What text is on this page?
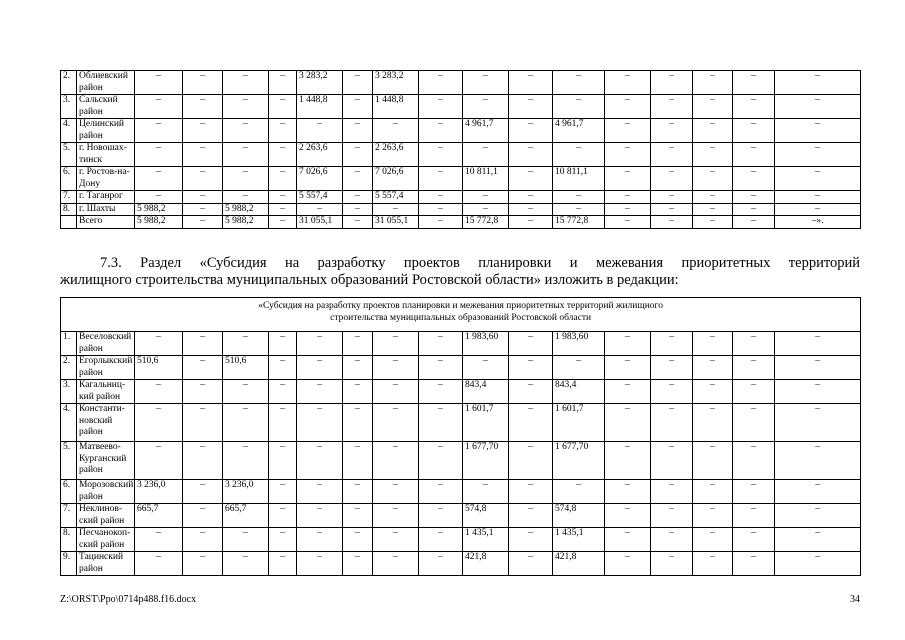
2.	Облиевский район	–	–	–	–	3 283,2	–	3 283,2	–	–	–	–	–	–	–	–	–
3.	Сальский район	–	–	–	–	1 448,8	–	1 448,8	–	–	–	–	–	–	–	–	–
4.	Целинский район	–	–	–	–	–	–	–	–	4 961,7	–	4 961,7	–	–	–	–	–
5.	г. Новошах-тинск	–	–	–	–	2 263,6	–	2 263,6	–	–	–	–	–	–	–	–	–
6.	г. Ростов-на-Дону	–	–	–	–	7 026,6	–	7 026,6	–	10 811,1	–	10 811,1	–	–	–	–	–
7.	г. Таганрог	–	–	–	–	5 557,4	–	5 557,4	–	–	–	–	–	–	–	–	–
8.	г. Шахты	5 988,2	–	5 988,2	–	–	–	–	–	–	–	–	–	–	–	–	–
	Всего	5 988,2	–	5 988,2	–	31 055,1	–	31 055,1	–	15 772,8	–	15 772,8	–	–	–	–	–».
7.3. Раздел «Субсидия на разработку проектов планировки и межевания приоритетных территорий
жилищного строительства муниципальных образований Ростовской области» изложить в редакции:
«Субсидия на разработку проектов планировки и межевания приоритетных территорий жилищного строительства муниципальных образований Ростовской области																	

1.	Веселовский район	–	–	–	–	–	–	–	–	1 983,60	–	1 983,60	–	–	–	–	–
2.	Егорлыкский район	510,6	–	510,6	–	–	–	–	–	–	–	–	–	–	–	–	–
3.	Кагальниц-кий район	–	–	–	–	–	–	–	–	843,4	–	843,4	–	–	–	–	–
4.	Константи-новский район	–	–	–	–	–	–	–	–	1 601,7	–	1 601,7	–	–	–	–	–
5.	Матвеево-Курганский район	–	–	–	–	–	–	–	–	1 677,70	–	1 677,70	–	–	–	–	–
6.	Морозовский район	3 236,0	–	3 236,0	–	–	–	–	–	–	–	–	–	–	–	–	–
7.	Неклинов-ский район	665,7	–	665,7	–	–	–	–	–	574,8	–	574,8	–	–	–	–	–
8.	Песчанокоп-ский район	–	–	–	–	–	–	–	–	1 435,1	–	1 435,1	–	–	–	–	–
9.	Тацинский район	–	–	–	–	–	–	–	–	421,8	–	421,8	–	–	–	–	–
Z:\ORST\Ppo\0714p488.f16.docx	34
